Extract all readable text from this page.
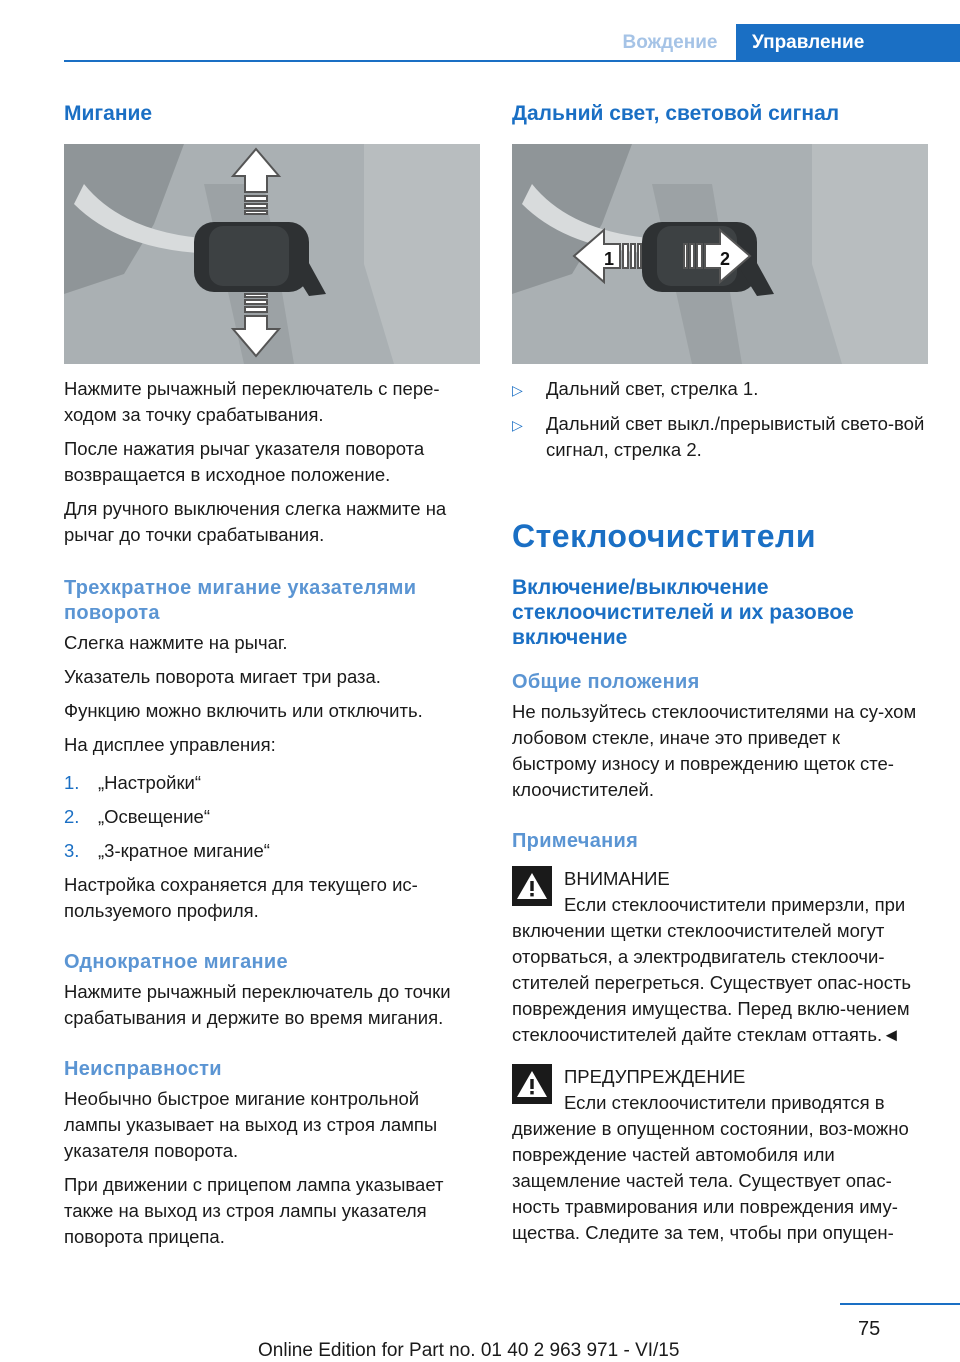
Вождение	Управление
Мигание

Нажмите рычажный переключатель с пере-ходом за точку срабатывания.

После нажатия рычаг указателя поворота возвращается в исходное положение.

Для ручного выключения слегка нажмите на рычаг до точки срабатывания.

Трехкратное мигание указателями поворота

Слегка нажмите на рычаг.

Указатель поворота мигает три раза.

Функцию можно включить или отключить.

На дисплее управления:

1.	„Настройки“
2.	„Освещение“
3.	„3-кратное мигание“

Настройка сохраняется для текущего ис-пользуемого профиля.

Однократное мигание

Нажмите рычажный переключатель до точки срабатывания и держите во время мигания.

Неисправности

Необычно быстрое мигание контрольной лампы указывает на выход из строя лампы указателя поворота.

При движении с прицепом лампа указывает также на выход из строя лампы указателя поворота прицепа.

Дальний свет, световой сигнал
1	2
▷	Дальний свет, стрелка 1.
▷	Дальний свет выкл./прерывистый свето-вой сигнал, стрелка 2.
Стеклоочистители
Включение/выключение стеклоочистителей и их разовое включение
Общие положения

Не пользуйтесь стеклоочистителями на су-хом лобовом стекле, иначе это приведет к быстрому износу и повреждению щеток сте-клоочистителей.

Примечания
ВНИМАНИЕ

Если стеклоочистители примерзли, при включении щетки стеклоочистителей могут оторваться, а электродвигатель стеклоочи-стителей перегреться. Существует опас-ность повреждения имущества. Перед вклю-чением стеклоочистителей дайте стеклам оттаять.◄

ПРЕДУПРЕЖДЕНИЕ

Если стеклоочистители приводятся в движение в опущенном состоянии, воз-можно повреждение частей автомобиля или защемление частей тела. Существует опас-ность травмирования или повреждения иму-щества. Следите за тем, чтобы при опущен-

75
Online Edition for Part no. 01 40 2 963 971 - VI/15
